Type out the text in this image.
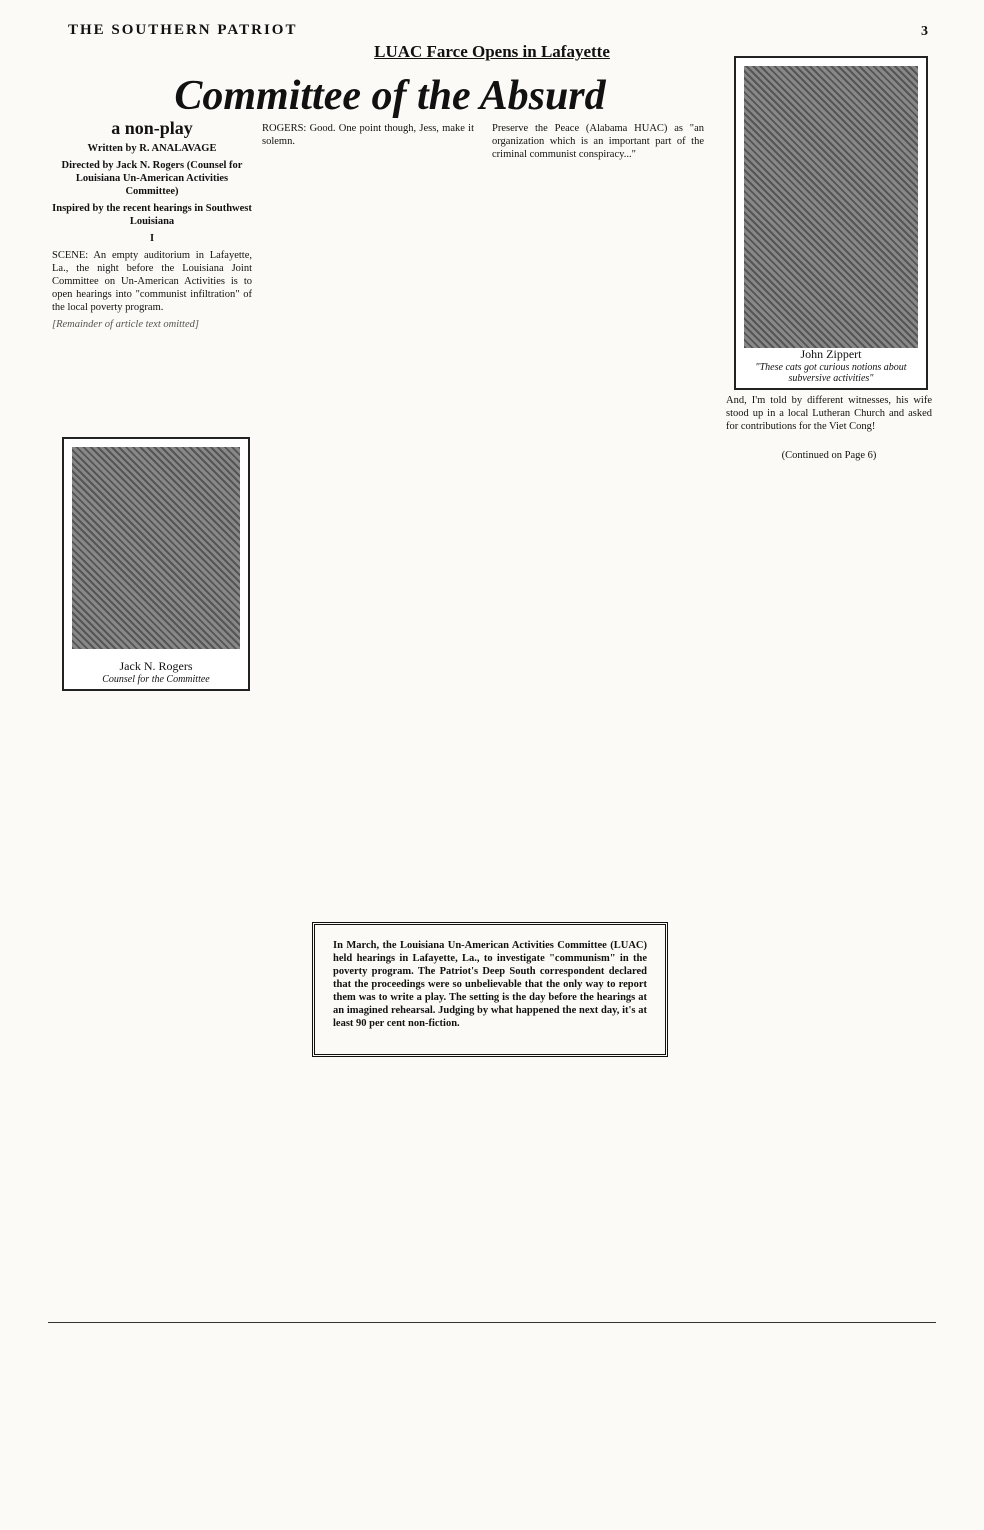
THE SOUTHERN PATRIOT	3
LUAC Farce Opens in Lafayette
Committee of the Absurd

a non-play

Written by R. ANALAVAGE

Directed by Jack N. Rogers (Counsel for Louisiana Un-American Activities Committee)

Inspired by the recent hearings in Southwest Louisiana

I

SCENE: An empty auditorium in Lafayette, La., the night before the Louisiana Joint Committee on Un-American Activities is to open hearings into "communist infiltration" of the local poverty program.

[Remainder of article text omitted]

Jack N. Rogers
Counsel for the Committee

ROGERS: Good. One point though, Jess, make it solemn.

Preserve the Peace (Alabama HUAC) as "an organization which is an important part of the criminal communist conspiracy..."

John Zippert
"These cats got curious notions about subversive activities"

And, I'm told by different witnesses, his wife stood up in a local Lutheran Church and asked for contributions for the Viet Cong!

(Continued on Page 6)

In March, the Louisiana Un-American Activities Committee (LUAC) held hearings in Lafayette, La., to investigate "communism" in the poverty program. The Patriot's Deep South correspondent declared that the proceedings were so unbelievable that the only way to report them was to write a play. The setting is the day before the hearings at an imagined rehearsal. Judging by what happened the next day, it's at least 90 per cent non-fiction.
